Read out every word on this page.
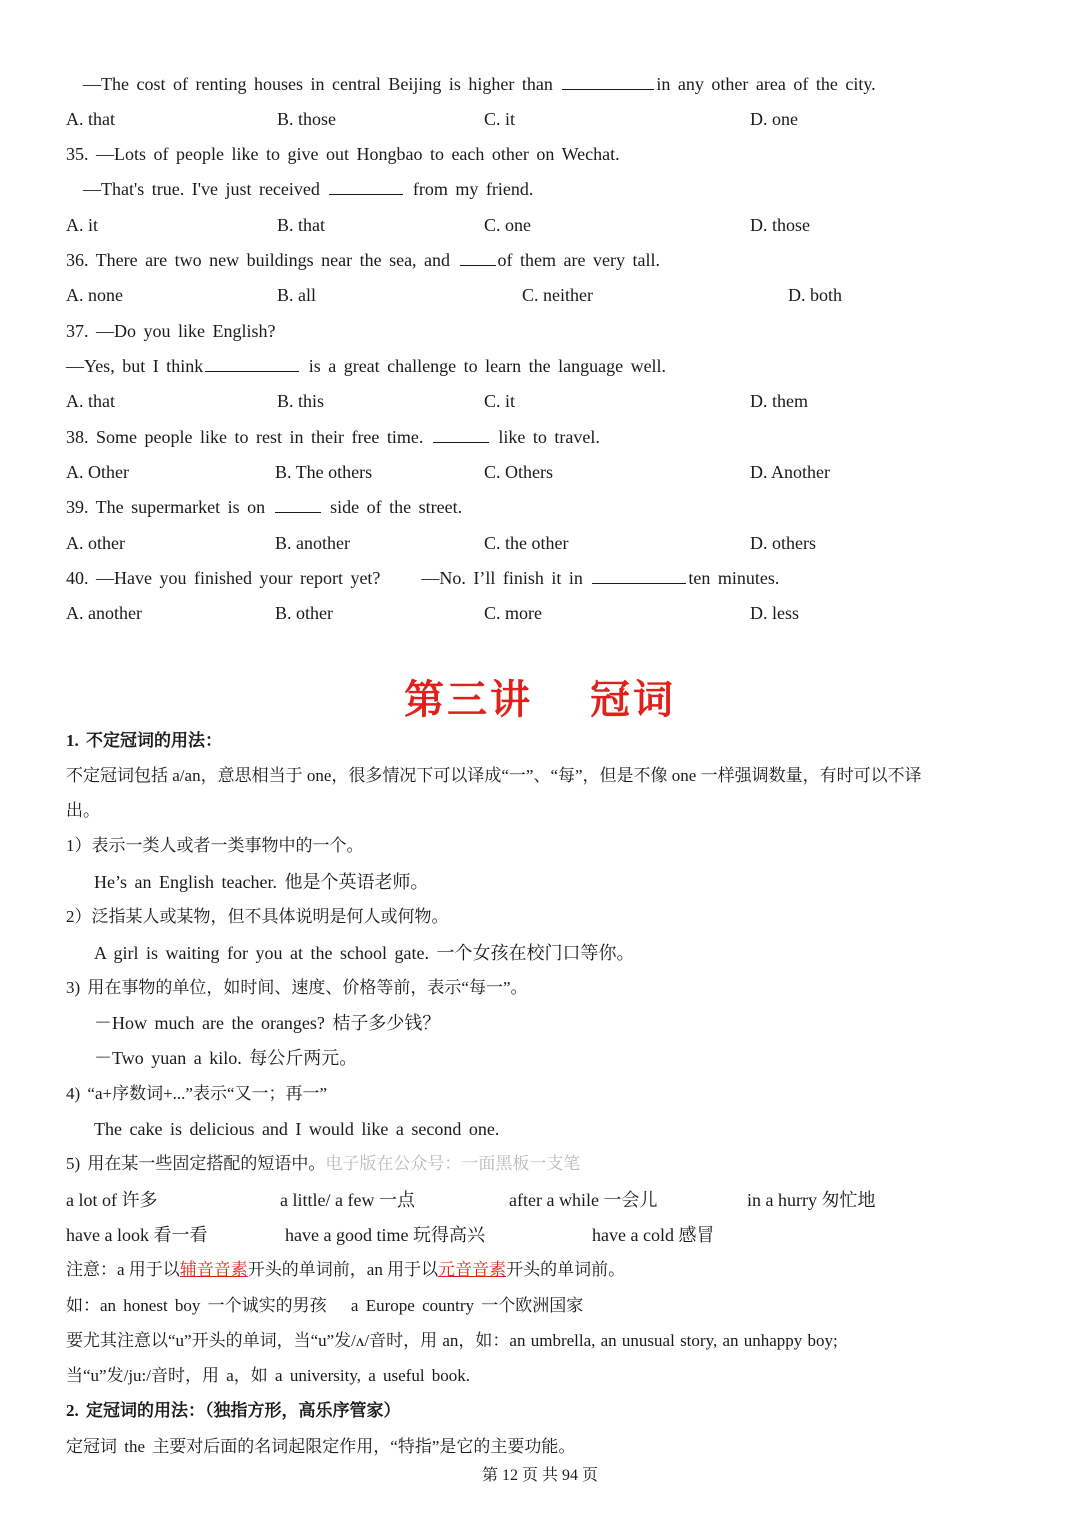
—The cost of renting houses in central Beijing is higher than	in any other area of the city.
A. that	B. those	C. it	D. one
35. —Lots of people like to give out Hongbao to each other on Wechat.
—That's true. I've just received	from my friend.
A. it	B. that	C. one	D. those
36. There are two new buildings near the sea, and	of them are very tall.
A. none	B. all	C. neither	D. both
37. —Do you like English?
—Yes, but I think	is a great challenge to learn the language well.
A. that	B. this	C. it	D. them
38. Some people like to rest in their free time.	like to travel.
A. Other	B. The others	C. Others	D. Another
39. The supermarket is on	side of the street.
A. other	B. another	C. the other	D. others
40. —Have you finished your report yet? —No. I’ll finish it in	ten minutes.
A. another	B. other	C. more	D. less
第三讲 冠词
1. 不定冠词的用法：
不定冠词包括 a/an，意思相当于 one，很多情况下可以译成“一”、“每”，但是不像 one 一样强调数量，有时可以不译
出。
1）表示一类人或者一类事物中的一个。
He’s an English teacher. 他是个英语老师。
2）泛指某人或某物，但不具体说明是何人或何物。
A girl is waiting for you at the school gate. 一个女孩在校门口等你。
3) 用在事物的单位，如时间、速度、价格等前，表示“每一”。
－How much are the oranges? 桔子多少钱？
－Two yuan a kilo. 每公斤两元。
4) “a+序数词+...”表示“又一；再一”
The cake is delicious and I would like a second one.
5) 用在某一些固定搭配的短语中。电子版在公众号：一面黑板一支笔
a lot of 许多	a little/ a few 一点	after a while 一会儿	in a hurry 匆忙地
have a look 看一看	have a good time 玩得高兴	have a cold 感冒
注意：a 用于以辅音音素开头的单词前，an 用于以元音音素开头的单词前。
如：an honest boy 一个诚实的男孩　 a Europe country 一个欧洲国家
要尤其注意以“u”开头的单词，当“u”发/ʌ/音时，用 an，如：an umbrella, an unusual story, an unhappy boy;
当“u”发/ju:/音时，用 a，如 a university, a useful book.
2. 定冠词的用法：（独指方形，高乐序管家）
定冠词 the 主要对后面的名词起限定作用，“特指”是它的主要功能。
第 12 页 共 94 页
